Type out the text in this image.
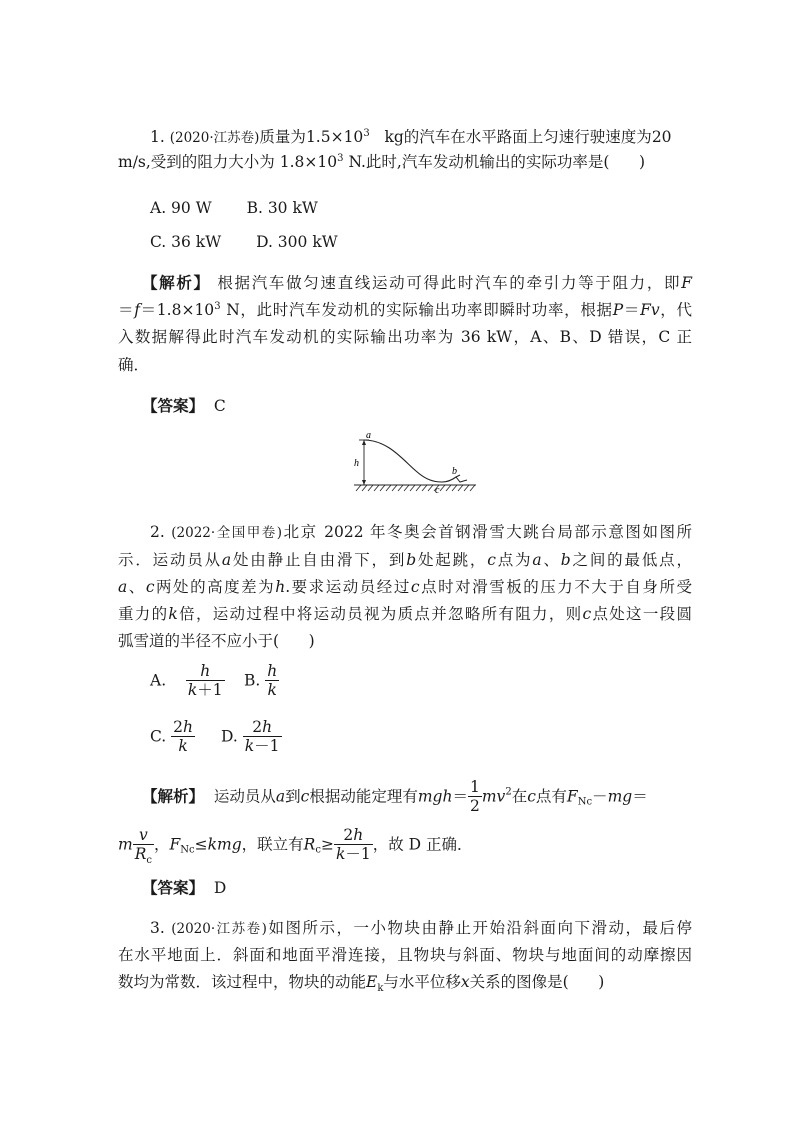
1. (2020·江苏卷)质量为$1.5\times 10^3$ kg的汽车在水平路面上匀速行驶速度为20
m/s,受到的阻力大小为 $1.8\times 10^3$ N.此时,汽车发动机输出的实际功率是( )
A. 90 W B. 30 kW
C. 36 kW D. 300 kW
【解析】 根据汽车做匀速直线运动可得此时汽车的牵引力等于阻力，即F
$=f=1.8\times 10^3$ N，此时汽车发动机的实际输出功率即瞬时功率，根据P＝Fv，代
入数据解得此时汽车发动机的实际输出功率为 36 kW，A、B、D 错误，C 正
确．
【答案】 C
a
h
b
c
2. (2022·全国甲卷)北京 2022 年冬奥会首钢滑雪大跳台局部示意图如图所
示．运动员从a处由静止自由滑下，到b处起跳，c点为a、b之间的最低点，
a、c两处的高度差为h.要求运动员经过c点时对滑雪板的压力不大于自身所受
重力的k倍，运动过程中将运动员视为质点并忽略所有阻力，则c点处这一段圆
弧雪道的半径不应小于( )
A. $\frac{h}{k+1} B$. $\frac{h}{k}$
C. $\frac{2h}{k} D$. $\frac{2h}{k-1}$
【解析】 运动员从a到c根据动能定理有$mgh= \frac{1}{2} mv^2$在c点有$F_{Nc}-mg=$
m $\frac{v}{R_c}$ ，$F_{Nc}\le kmg$，联立有$R_c\ge \frac{2h}{k-1}$ ，故 D 正确．
【答案】 D
3. (2020·江苏卷)如图所示，一小物块由静止开始沿斜面向下滑动，最后停
在水平地面上．斜面和地面平滑连接，且物块与斜面、物块与地面间的动摩擦因
数均为常数．该过程中，物块的动能$E_k$与水平位移x关系的图像是( )
